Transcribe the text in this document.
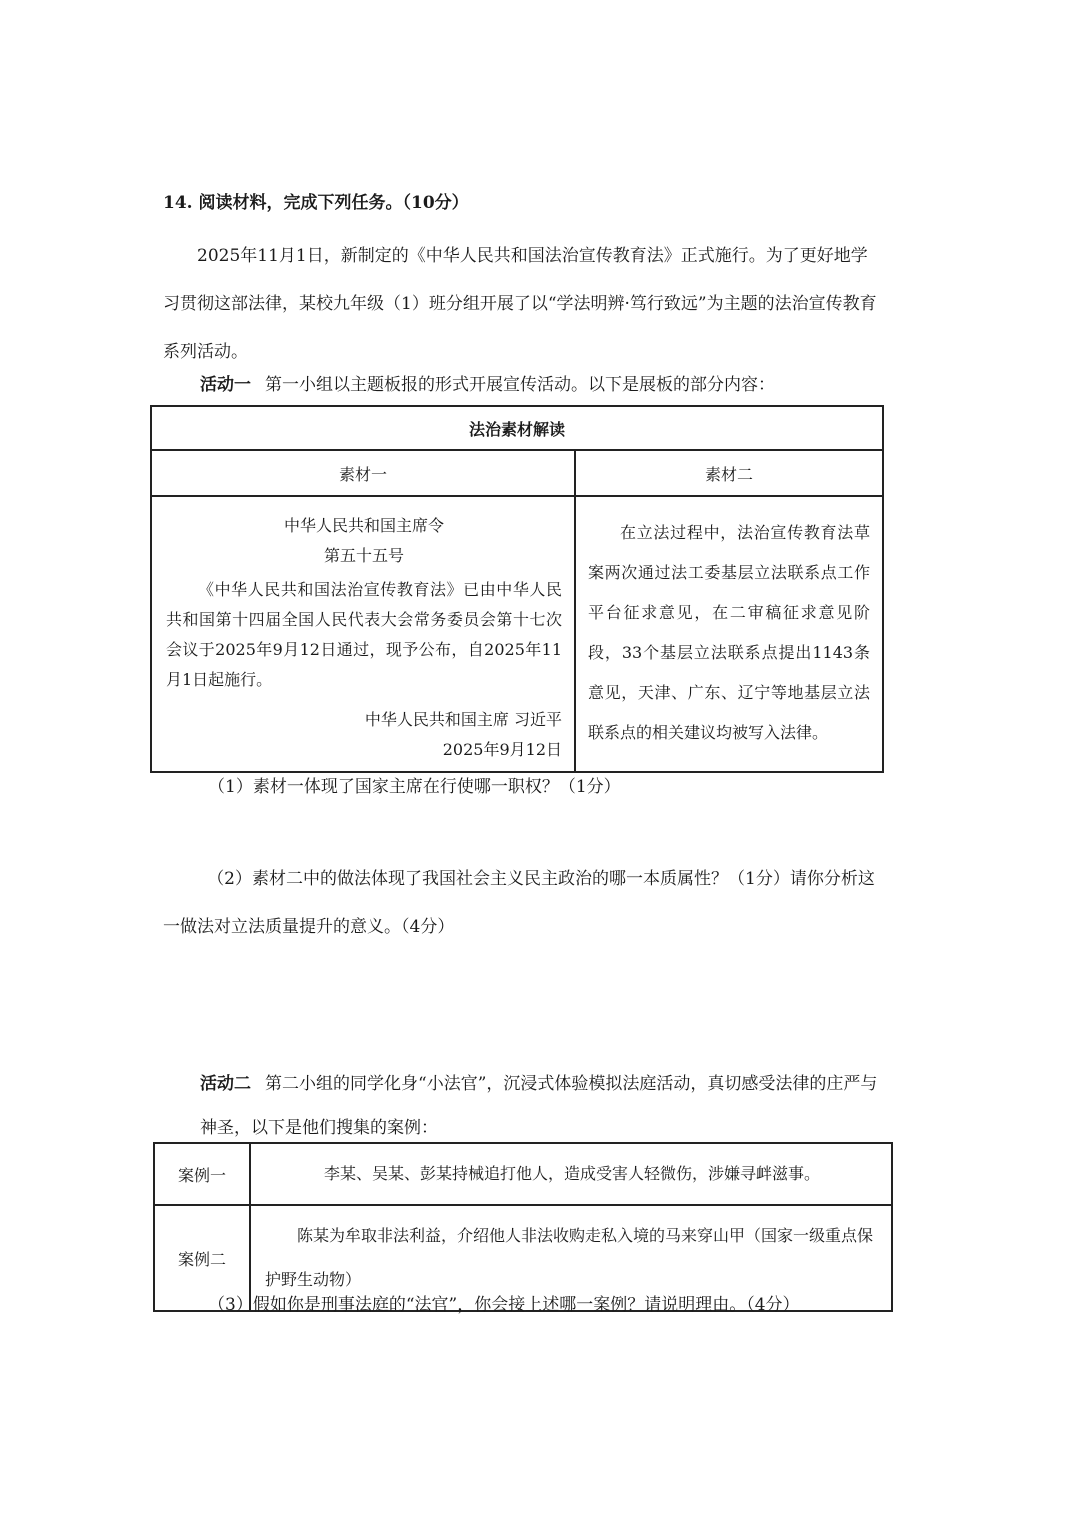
14. 阅读材料，完成下列任务。（10分）
2025年11月1日，新制定的《中华人民共和国法治宣传教育法》正式施行。为了更好地学习贯彻这部法律，某校九年级（1）班分组开展了以“学法明辨·笃行致远”为主题的法治宣传教育系列活动。
活动一 第一小组以主题板报的形式开展宣传活动。以下是展板的部分内容：
法治素材解读	
素材一	素材二

中华人民共和国主席令
第五十五号
《中华人民共和国法治宣传教育法》已由中华人民共和国第十四届全国人民代表大会常务委员会第十七次会议于2025年9月12日通过，现予公布，自2025年11月1日起施行。
中华人民共和国主席 习近平
2025年9月12日	在立法过程中，法治宣传教育法草案两次通过法工委基层立法联系点工作平台征求意见，在二审稿征求意见阶段，33个基层立法联系点提出1143条意见，天津、广东、辽宁等地基层立法联系点的相关建议均被写入法律。
（1）素材一体现了国家主席在行使哪一职权？（1分）
（2）素材二中的做法体现了我国社会主义民主政治的哪一本质属性？（1分）请你分析这一做法对立法质量提升的意义。（4分）
活动二 第二小组的同学化身“小法官”，沉浸式体验模拟法庭活动，真切感受法律的庄严与神圣，以下是他们搜集的案例：
案例一	李某、吴某、彭某持械追打他人，造成受害人轻微伤，涉嫌寻衅滋事。
案例二	陈某为牟取非法利益，介绍他人非法收购走私入境的马来穿山甲（国家一级重点保护野生动物）
（3）假如你是刑事法庭的“法官”，你会接上述哪一案例？请说明理由。（4分）
